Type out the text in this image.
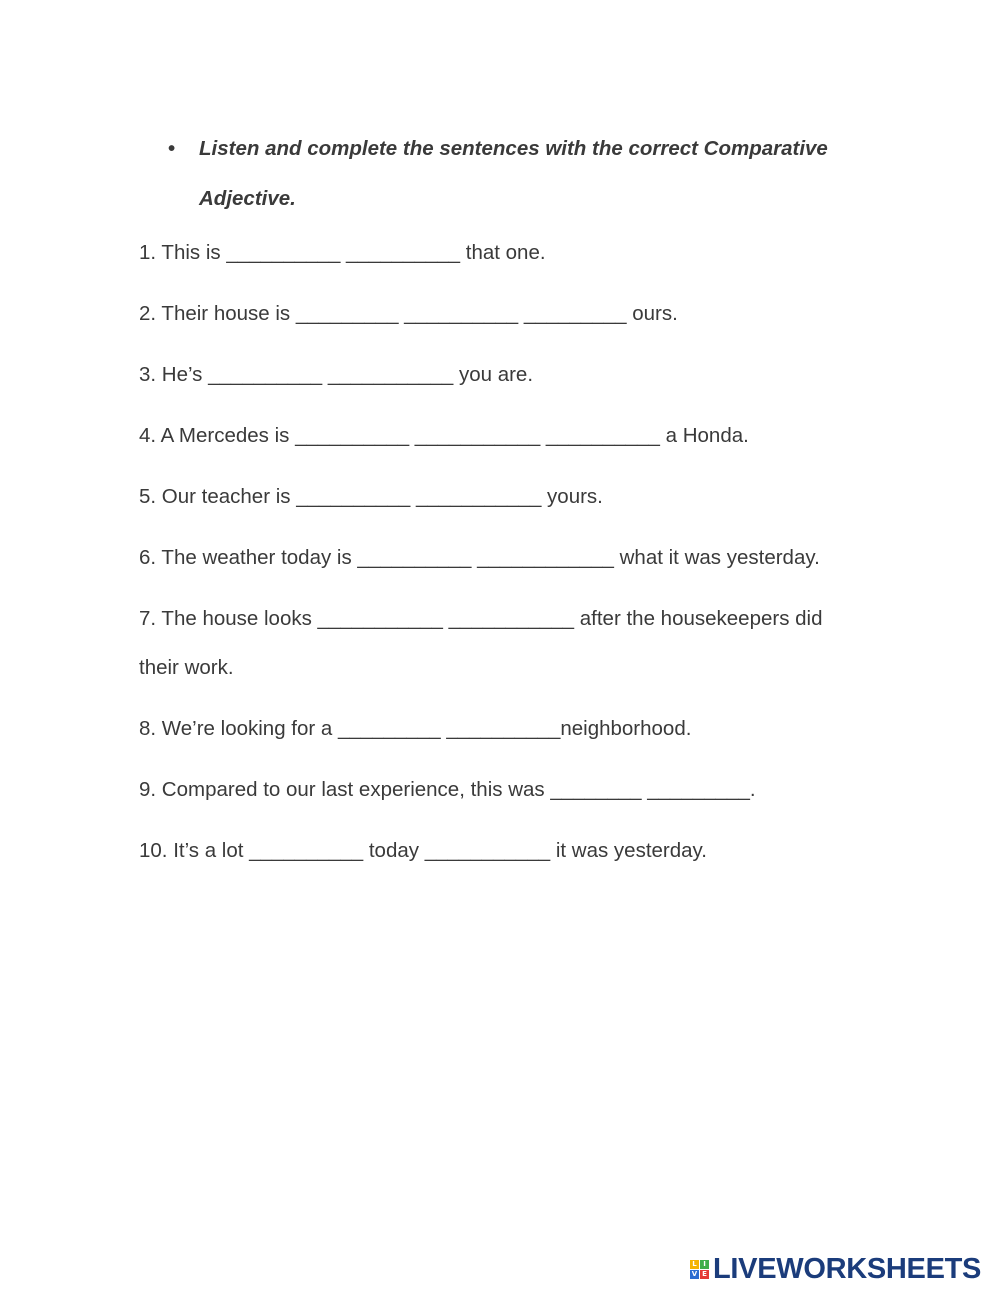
•	Listen and complete the sentences with the correct Comparative Adjective.
1. This is __________ __________ that one.
2. Their house is _________ __________ _________ ours.
3. He’s __________ ___________ you are.
4. A Mercedes is __________ ___________ __________ a Honda.
5. Our teacher is __________ ___________ yours.
6. The weather today is __________ ____________ what it was yesterday.
7. The house looks ___________ ___________ after the housekeepers did their work.
8. We’re looking for a _________ __________neighborhood.
9. Compared to our last experience, this was ________ _________.
10. It’s a lot __________ today ___________ it was yesterday.
L I
V E LIVEWORKSHEETS
